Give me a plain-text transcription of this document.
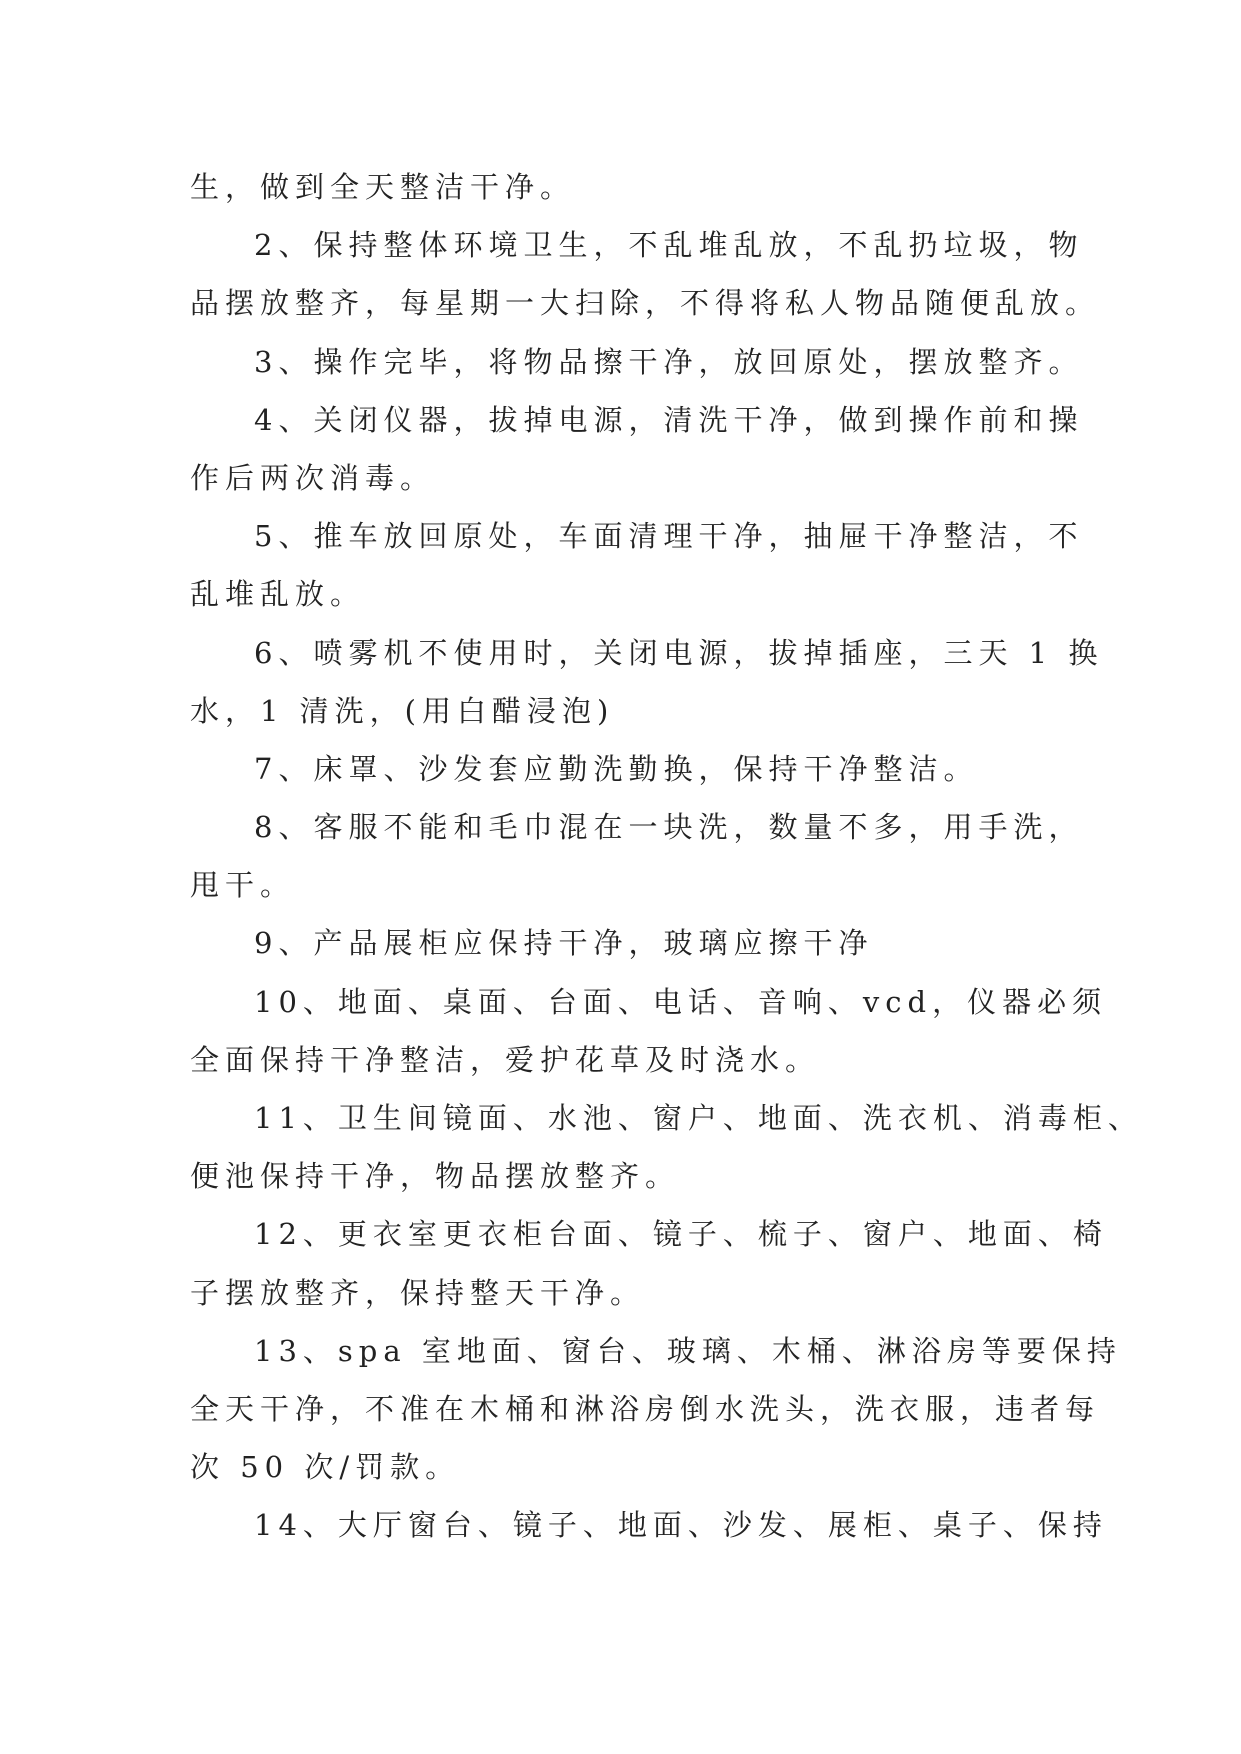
生，做到全天整洁干净。
2、保持整体环境卫生，不乱堆乱放，不乱扔垃圾，物
品摆放整齐，每星期一大扫除，不得将私人物品随便乱放。
3、操作完毕，将物品擦干净，放回原处，摆放整齐。
4、关闭仪器，拔掉电源，清洗干净，做到操作前和操
作后两次消毒。
5、推车放回原处，车面清理干净，抽屉干净整洁，不
乱堆乱放。
6、喷雾机不使用时，关闭电源，拔掉插座，三天 1 换
水，1 清洗，(用白醋浸泡)
7、床罩、沙发套应勤洗勤换，保持干净整洁。
8、客服不能和毛巾混在一块洗，数量不多，用手洗，
甩干。
9、产品展柜应保持干净，玻璃应擦干净
10、地面、桌面、台面、电话、音响、vcd，仪器必须
全面保持干净整洁，爱护花草及时浇水。
11、卫生间镜面、水池、窗户、地面、洗衣机、消毒柜、
便池保持干净，物品摆放整齐。
12、更衣室更衣柜台面、镜子、梳子、窗户、地面、椅
子摆放整齐，保持整天干净。
13、spa 室地面、窗台、玻璃、木桶、淋浴房等要保持
全天干净，不准在木桶和淋浴房倒水洗头，洗衣服，违者每
次 50 次/罚款。
14、大厅窗台、镜子、地面、沙发、展柜、桌子、保持
